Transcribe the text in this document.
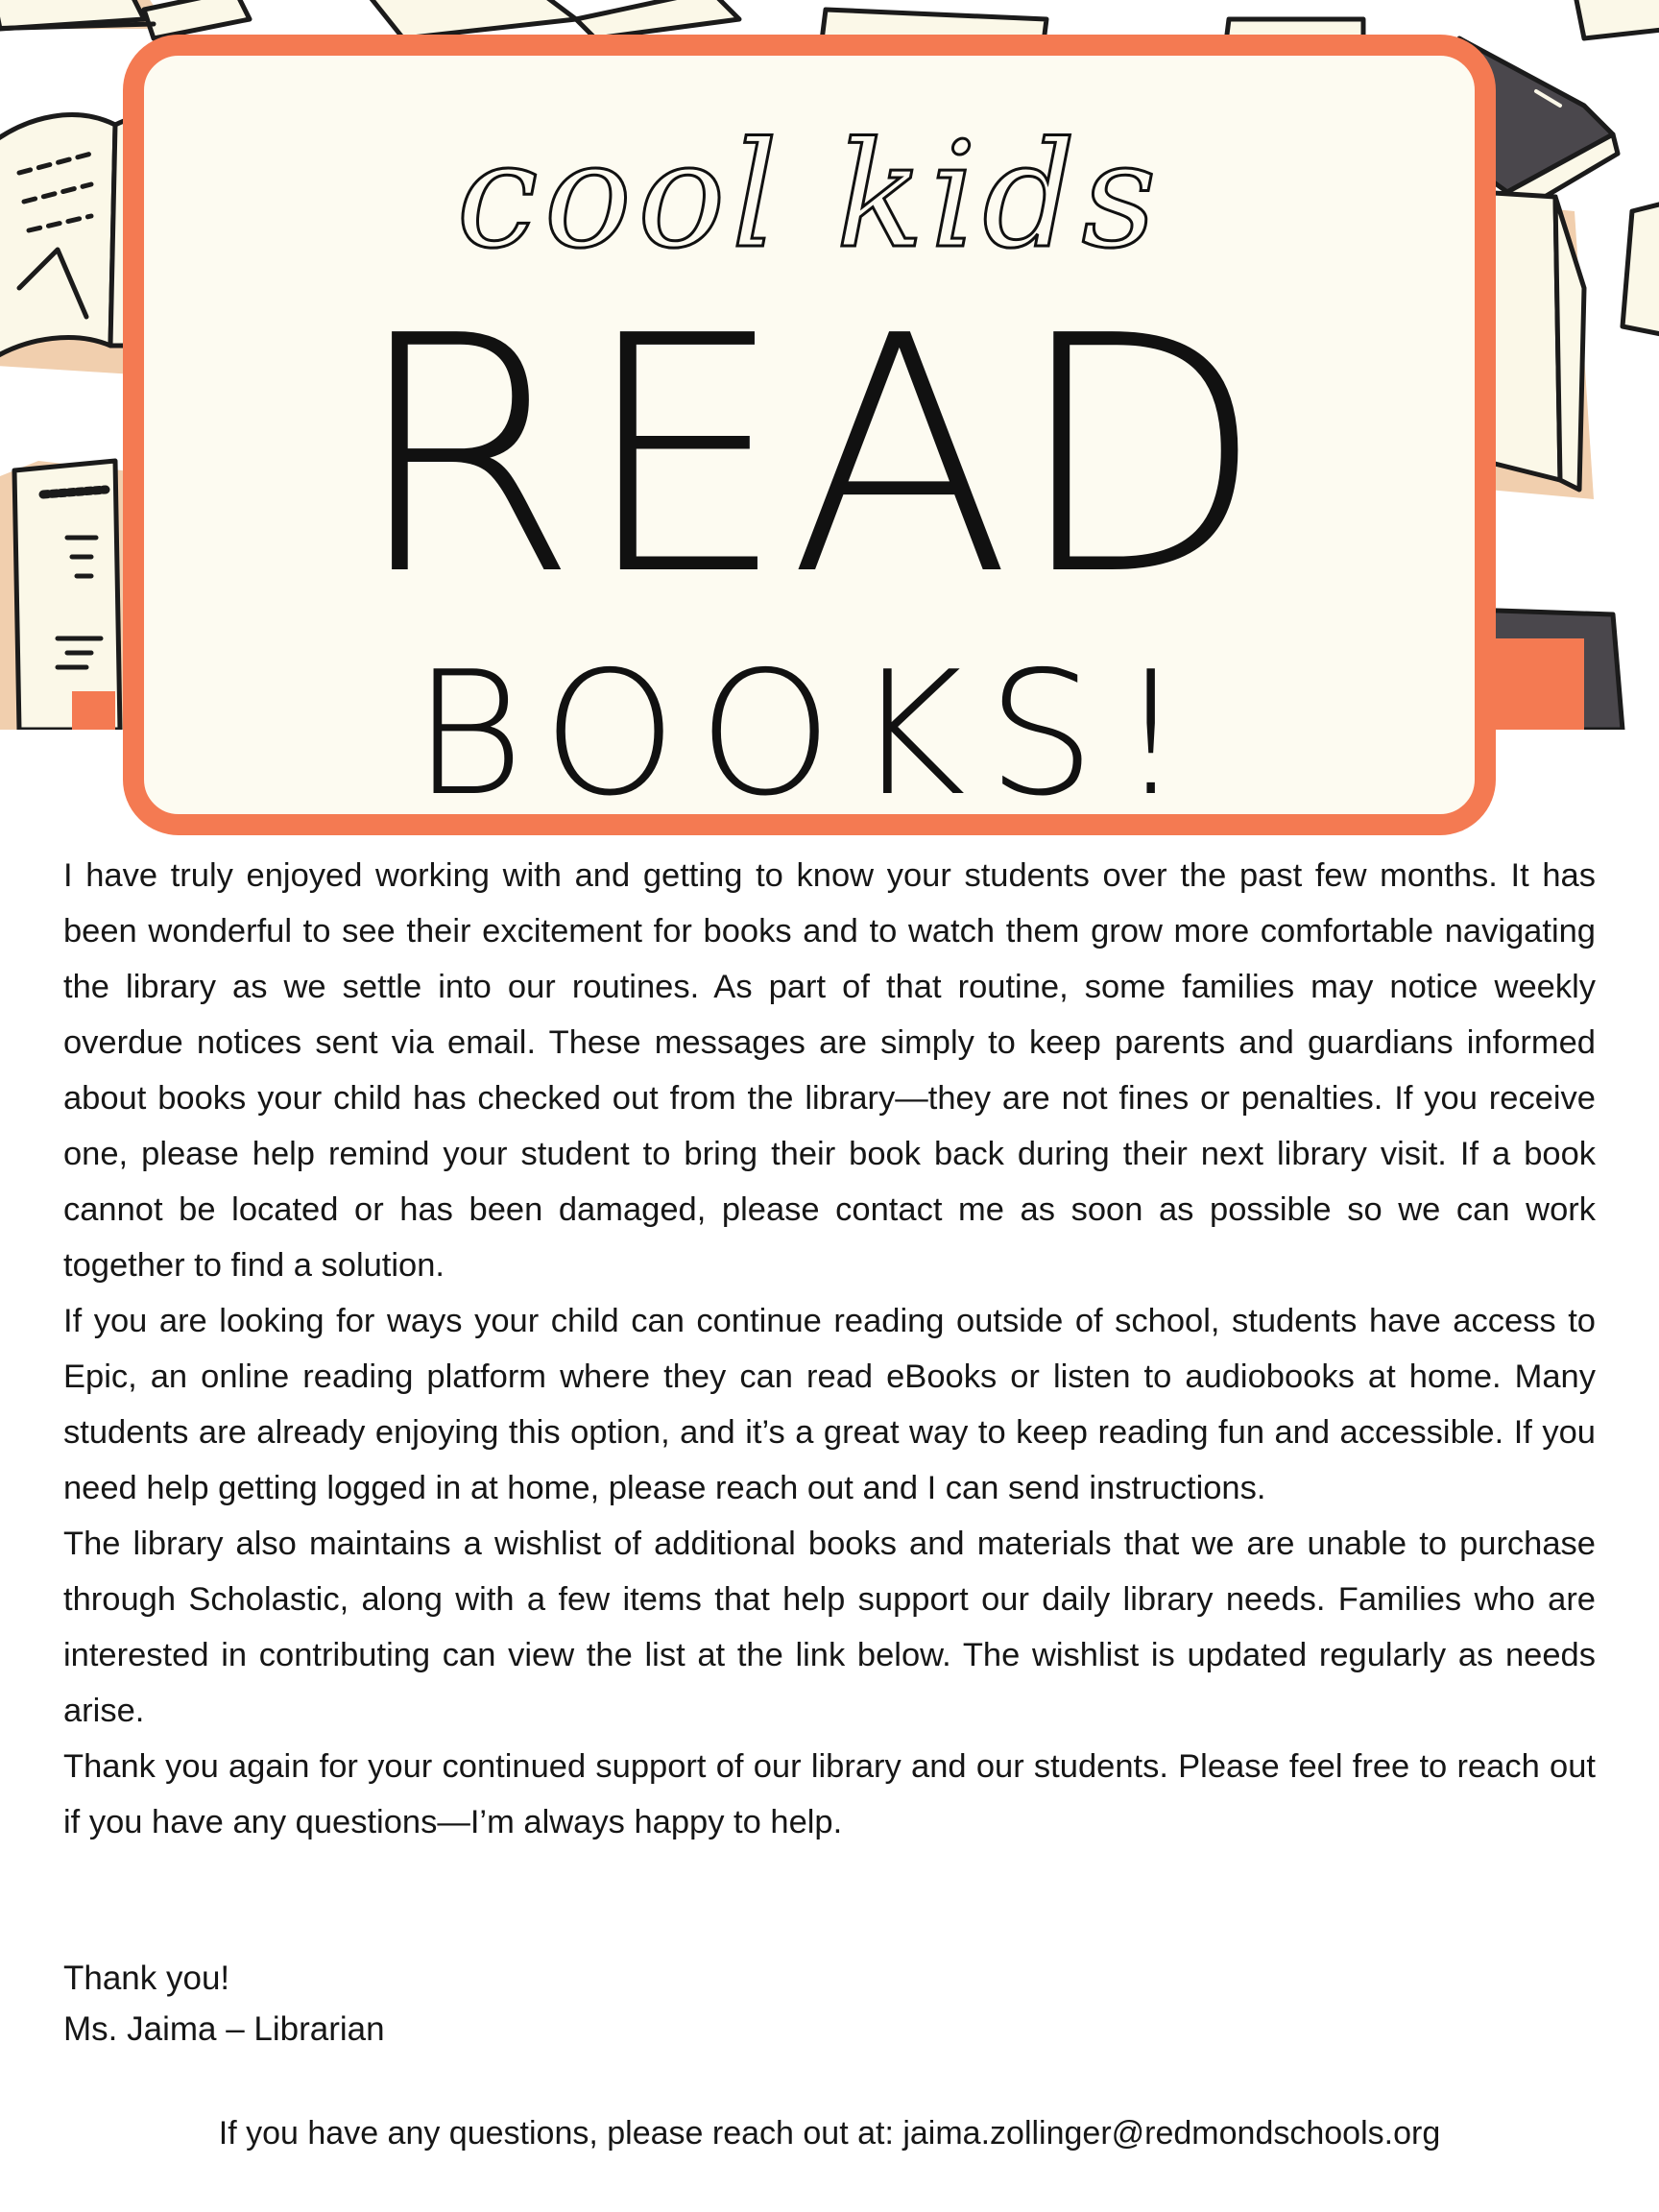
cool kids
READ
BOOKS!

I have truly enjoyed working with and getting to know your students over the past few months. It has been wonderful to see their excitement for books and to watch them grow more comfortable navigating the library as we settle into our routines. As part of that routine, some families may notice weekly overdue notices sent via email. These messages are simply to keep parents and guardians informed about books your child has checked out from the library—they are not fines or penalties. If you receive one, please help remind your student to bring their book back during their next library visit. If a book cannot be located or has been damaged, please contact me as soon as possible so we can work together to find a solution.

If you are looking for ways your child can continue reading outside of school, students have access to Epic, an online reading platform where they can read eBooks or listen to audiobooks at home. Many students are already enjoying this option, and it’s a great way to keep reading fun and accessible. If you need help getting logged in at home, please reach out and I can send instructions.

The library also maintains a wishlist of additional books and materials that we are unable to purchase through Scholastic, along with a few items that help support our daily library needs. Families who are interested in contributing can view the list at the link below. The wishlist is updated regularly as needs arise.

Thank you again for your continued support of our library and our students. Please feel free to reach out if you have any questions—I’m always happy to help.

Thank you!
Ms. Jaima – Librarian
If you have any questions, please reach out at: jaima.zollinger@redmondschools.org
